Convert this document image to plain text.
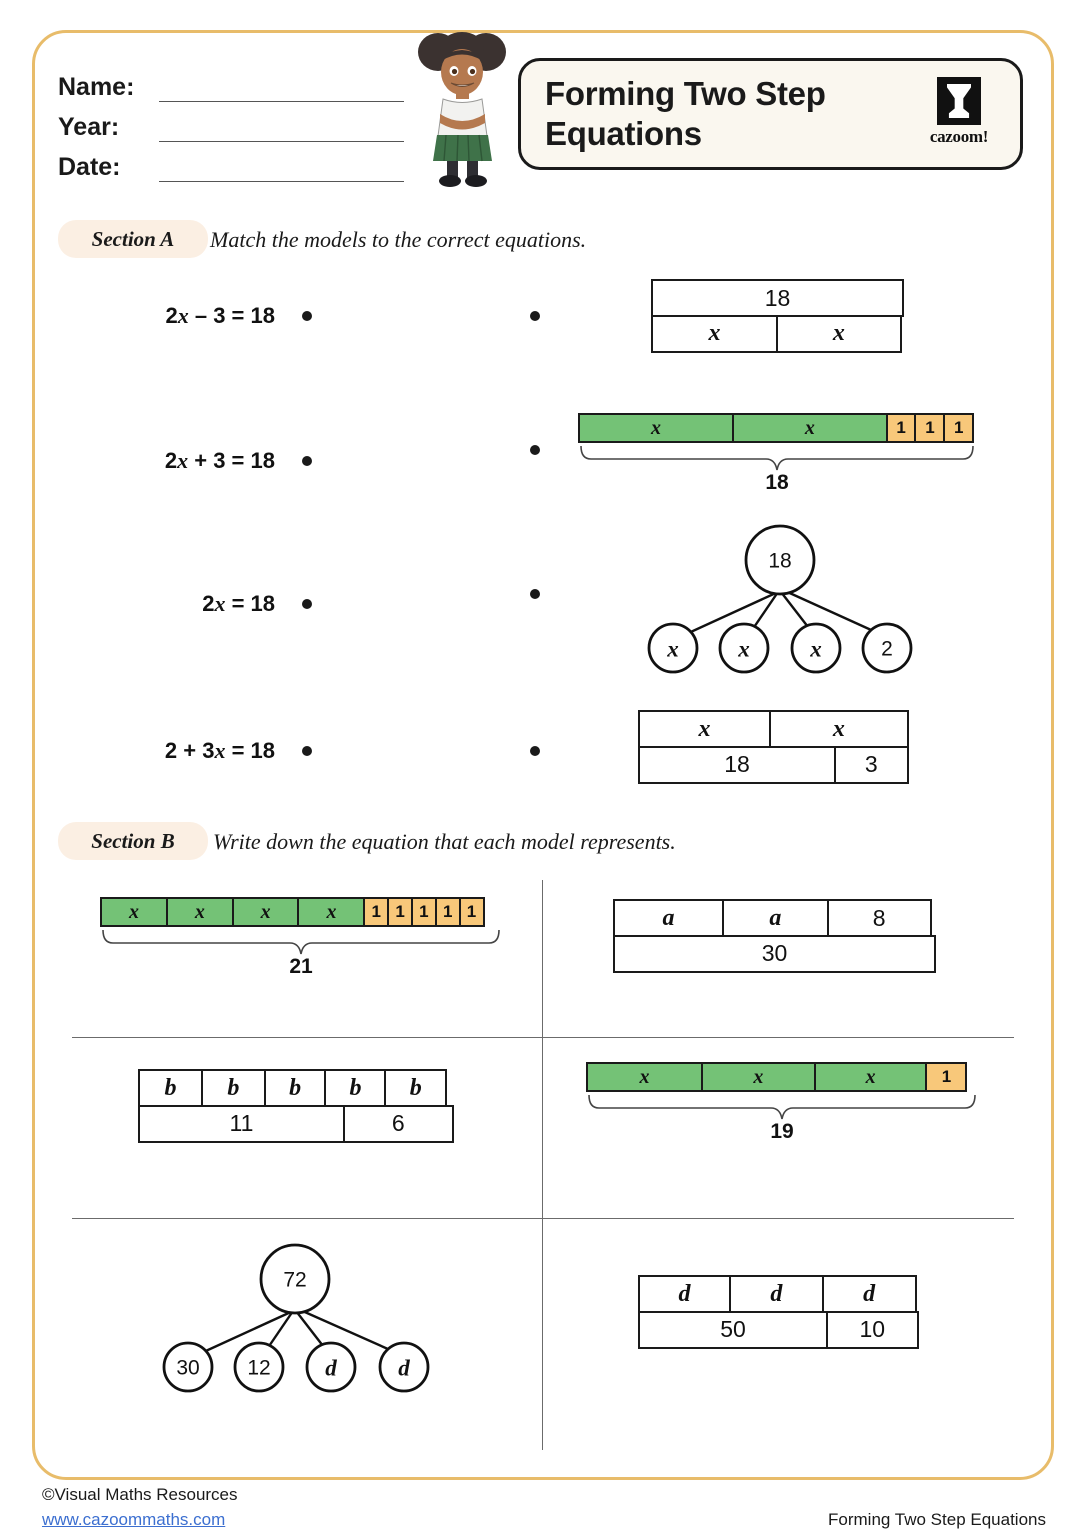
Name:
Year:
Date:
Forming Two Step Equations	cazoom!
Section A	Match the models to the correct equations.
2x – 3 = 18
2x + 3 = 18
2x = 18
2 + 3x = 18
18
x	x
x	x	1	1	1
18
18
x	x	x	2
x	x
18	3
Section B	Write down the equation that each model represents.
x	x	x	x	1 1 1 1 1
21
a	a	8
30
b	b	b	b	b
11	6
x	x	x	1
19
72
30 12 d	d
d	d	d
50	10
©Visual Maths Resources
www.cazoommaths.com	Forming Two Step Equations
